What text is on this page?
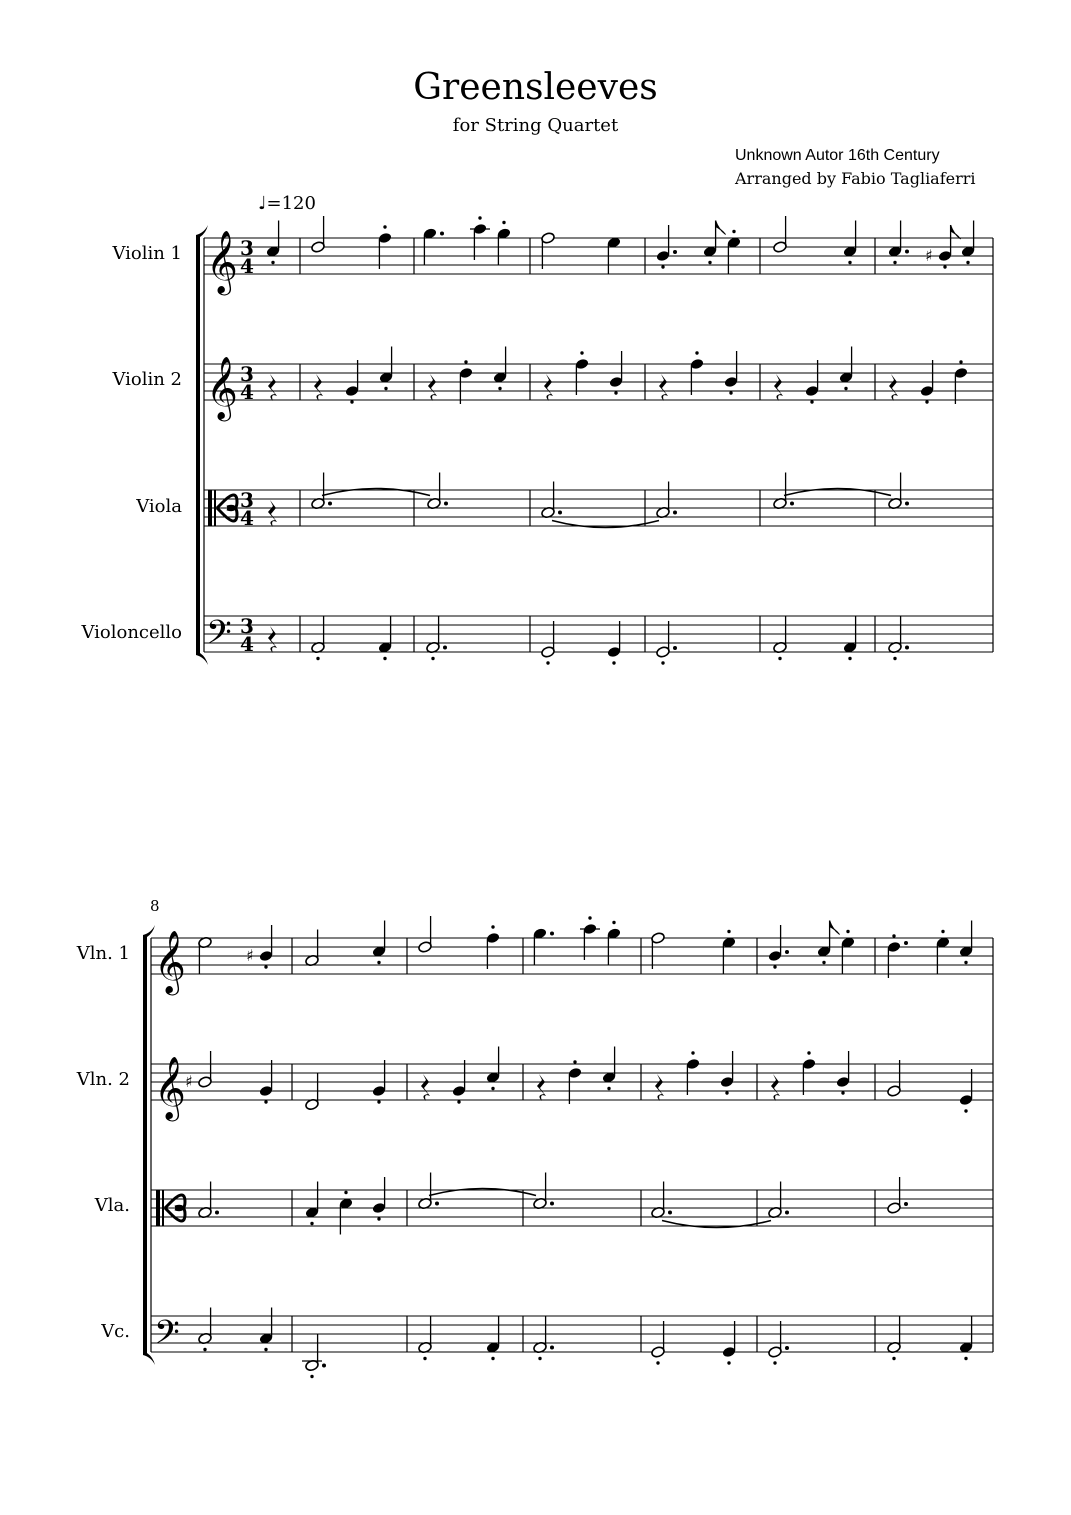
Greensleeves
for String Quartet
Unknown Autor 16th Century
Arranged by Fabio Tagliaferri
♩=120
Violin 1
Violin 2
Viola
Violoncello
8
Vln. 1
Vln. 2
Vla.
Vc.
𝄞 3
4
𝄞 3
4
3
4
𝄢 3
4
♯
𝄞
𝄞
𝄢
♯
♯
